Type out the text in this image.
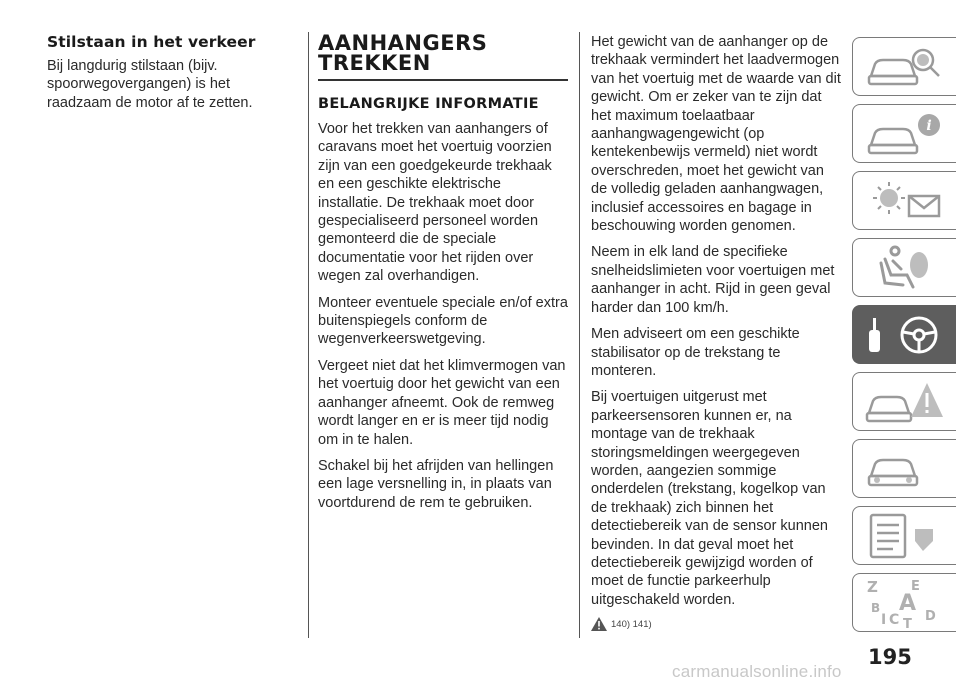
Stilstaan in het verkeer

Bij langdurig stilstaan (bijv. spoorwegovergangen) is het raadzaam de motor af te zetten.

AANHANGERS TREKKEN
BELANGRIJKE INFORMATIE

Voor het trekken van aanhangers of caravans moet het voertuig voorzien zijn van een goedgekeurde trekhaak en een geschikte elektrische installatie. De trekhaak moet door gespecialiseerd personeel worden gemonteerd die de speciale documentatie voor het rijden over wegen zal overhandigen.

Monteer eventuele speciale en/of extra buitenspiegels conform de wegenverkeerswetgeving.

Vergeet niet dat het klimvermogen van het voertuig door het gewicht van een aanhanger afneemt. Ook de remweg wordt langer en er is meer tijd nodig om in te halen.

Schakel bij het afrijden van hellingen een lage versnelling in, in plaats van voortdurend de rem te gebruiken.

Het gewicht van de aanhanger op de trekhaak vermindert het laadvermogen van het voertuig met de waarde van dit gewicht. Om er zeker van te zijn dat het maximum toelaatbaar aanhangwagengewicht (op kentekenbewijs vermeld) niet wordt overschreden, moet het gewicht van de volledig geladen aanhangwagen, inclusief accessoires en bagage in beschouwing worden genomen.

Neem in elk land de specifieke snelheidslimieten voor voertuigen met aanhanger in acht. Rijd in geen geval harder dan 100 km/h.

Men adviseert om een geschikte stabilisator op de trekstang te monteren.

Bij voertuigen uitgerust met parkeersensoren kunnen er, na montage van de trekhaak storingsmeldingen weergegeven worden, aangezien sommige onderdelen (trekstang, kogelkop van de trekhaak) zich binnen het detectiebereik van de sensor kunnen bevinden. In dat geval moet het detectiebereik gewijzigd worden of moet de functie parkeerhulp uitgeschakeld worden.

140) 141)
i
Z	E
B A
D
I C T
195
carmanualsonline.info
